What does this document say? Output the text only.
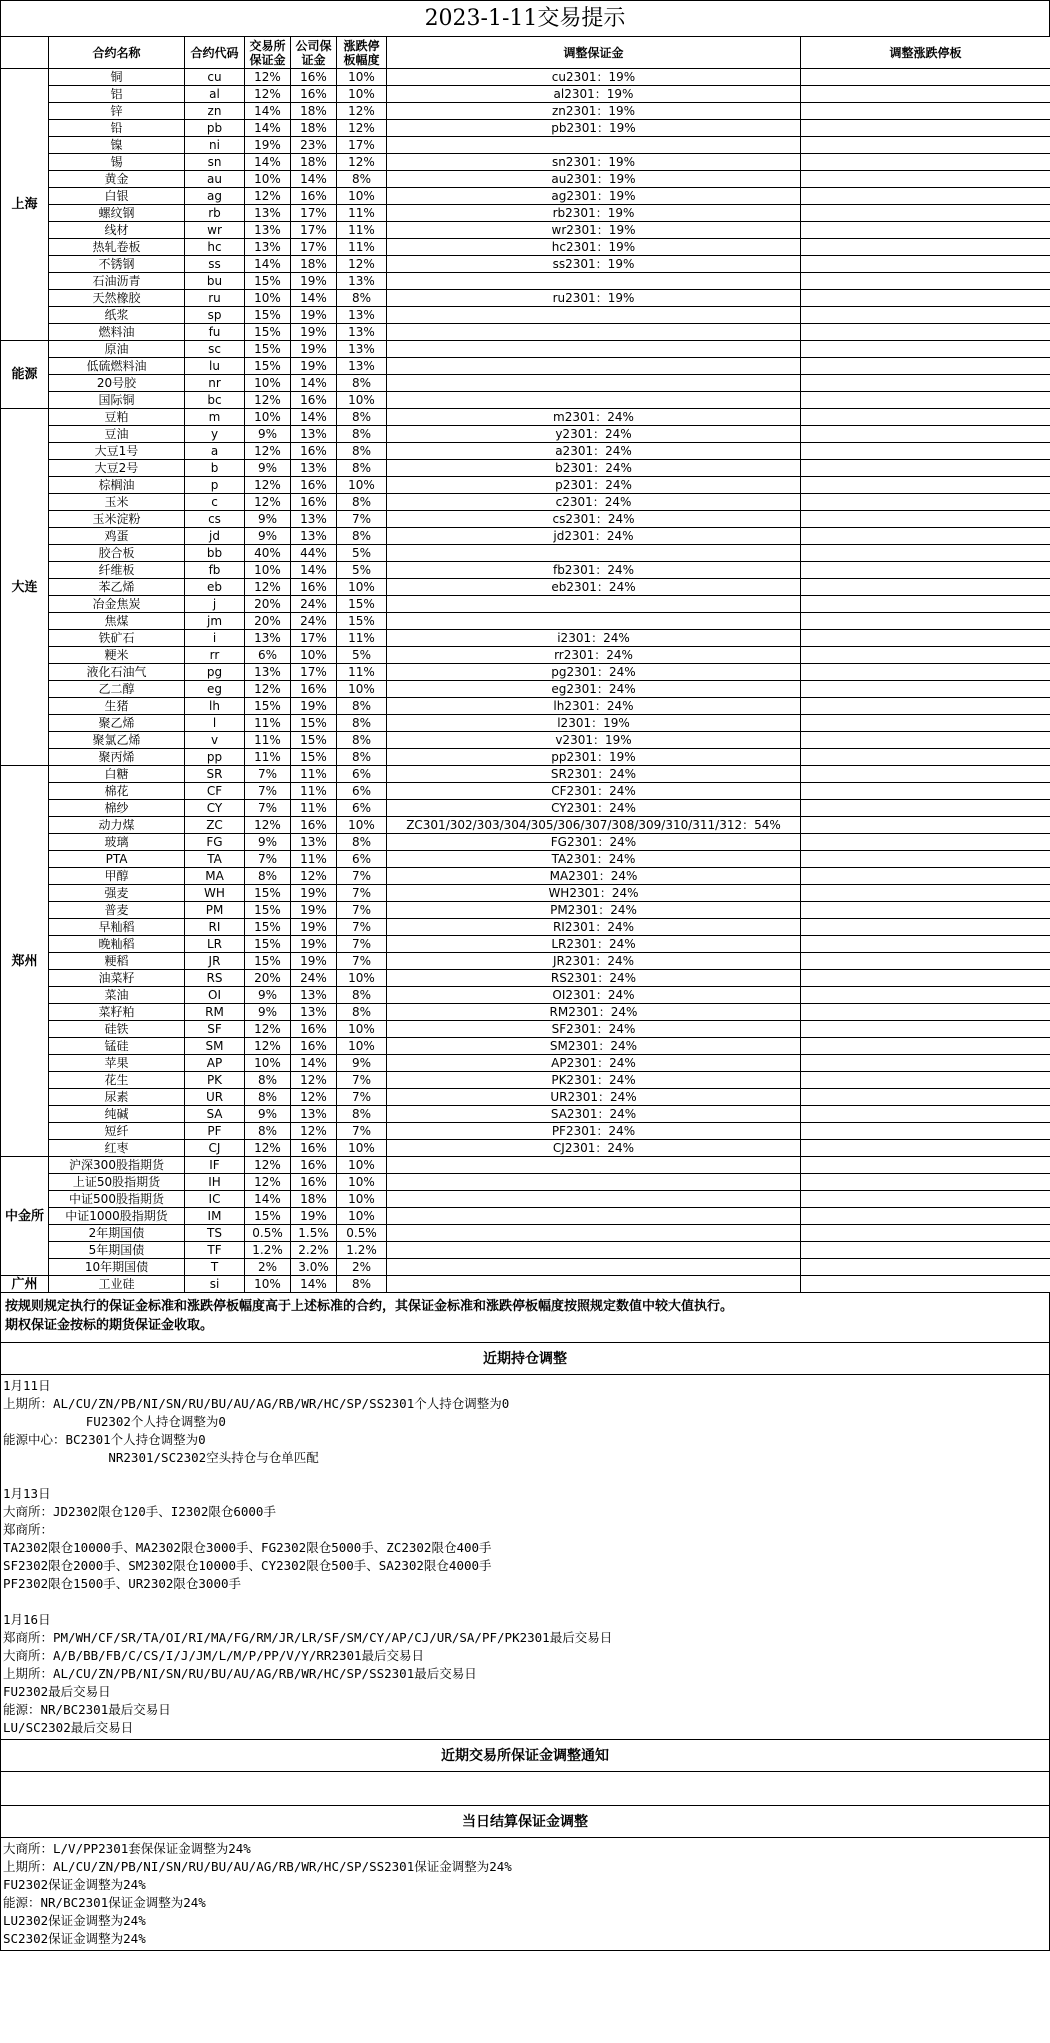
2023-1-11交易提示
	合约名称	合约代码	交易所保证金	公司保证金	涨跌停板幅度	调整保证金	调整涨跌停板
上海	铜	cu	12%	16%	10%	cu2301：19%	
	铝	al	12%	16%	10%	al2301：19%	
	锌	zn	14%	18%	12%	zn2301：19%	
	铅	pb	14%	18%	12%	pb2301：19%	
	镍	ni	19%	23%	17%		
	锡	sn	14%	18%	12%	sn2301：19%	
	黄金	au	10%	14%	8%	au2301：19%	
	白银	ag	12%	16%	10%	ag2301：19%	
	螺纹钢	rb	13%	17%	11%	rb2301：19%	
	线材	wr	13%	17%	11%	wr2301：19%	
	热轧卷板	hc	13%	17%	11%	hc2301：19%	
	不锈钢	ss	14%	18%	12%	ss2301：19%	
	石油沥青	bu	15%	19%	13%		
	天然橡胶	ru	10%	14%	8%	ru2301：19%	
	纸浆	sp	15%	19%	13%		
	燃料油	fu	15%	19%	13%		
能源	原油	sc	15%	19%	13%		
	低硫燃料油	lu	15%	19%	13%		
	20号胶	nr	10%	14%	8%		
	国际铜	bc	12%	16%	10%		
大连	豆粕	m	10%	14%	8%	m2301：24%	
	豆油	y	9%	13%	8%	y2301：24%	
	大豆1号	a	12%	16%	8%	a2301：24%	
	大豆2号	b	9%	13%	8%	b2301：24%	
	棕榈油	p	12%	16%	10%	p2301：24%	
	玉米	c	12%	16%	8%	c2301：24%	
	玉米淀粉	cs	9%	13%	7%	cs2301：24%	
	鸡蛋	jd	9%	13%	8%	jd2301：24%	
	胶合板	bb	40%	44%	5%		
	纤维板	fb	10%	14%	5%	fb2301：24%	
	苯乙烯	eb	12%	16%	10%	eb2301：24%	
	冶金焦炭	j	20%	24%	15%		
	焦煤	jm	20%	24%	15%		
	铁矿石	i	13%	17%	11%	i2301：24%	
	粳米	rr	6%	10%	5%	rr2301：24%	
	液化石油气	pg	13%	17%	11%	pg2301：24%	
	乙二醇	eg	12%	16%	10%	eg2301：24%	
	生猪	lh	15%	19%	8%	lh2301：24%	
	聚乙烯	l	11%	15%	8%	l2301：19%	
	聚氯乙烯	v	11%	15%	8%	v2301：19%	
	聚丙烯	pp	11%	15%	8%	pp2301：19%	
郑州	白糖	SR	7%	11%	6%	SR2301：24%	
	棉花	CF	7%	11%	6%	CF2301：24%	
	棉纱	CY	7%	11%	6%	CY2301：24%	
	动力煤	ZC	12%	16%	10%	ZC301/302/303/304/305/306/307/308/309/310/311/312：54%	
	玻璃	FG	9%	13%	8%	FG2301：24%	
	PTA	TA	7%	11%	6%	TA2301：24%	
	甲醇	MA	8%	12%	7%	MA2301：24%	
	强麦	WH	15%	19%	7%	WH2301：24%	
	普麦	PM	15%	19%	7%	PM2301：24%	
	早籼稻	RI	15%	19%	7%	RI2301：24%	
	晚籼稻	LR	15%	19%	7%	LR2301：24%	
	粳稻	JR	15%	19%	7%	JR2301：24%	
	油菜籽	RS	20%	24%	10%	RS2301：24%	
	菜油	OI	9%	13%	8%	OI2301：24%	
	菜籽粕	RM	9%	13%	8%	RM2301：24%	
	硅铁	SF	12%	16%	10%	SF2301：24%	
	锰硅	SM	12%	16%	10%	SM2301：24%	
	苹果	AP	10%	14%	9%	AP2301：24%	
	花生	PK	8%	12%	7%	PK2301：24%	
	尿素	UR	8%	12%	7%	UR2301：24%	
	纯碱	SA	9%	13%	8%	SA2301：24%	
	短纤	PF	8%	12%	7%	PF2301：24%	
	红枣	CJ	12%	16%	10%	CJ2301：24%	
中金所	沪深300股指期货	IF	12%	16%	10%		
	上证50股指期货	IH	12%	16%	10%		
	中证500股指期货	IC	14%	18%	10%		
	中证1000股指期货	IM	15%	19%	10%		
	2年期国债	TS	0.5%	1.5%	0.5%		
	5年期国债	TF	1.2%	2.2%	1.2%		
	10年期国债	T	2%	3.0%	2%		
广州	工业硅	si	10%	14%	8%		
按规则规定执行的保证金标准和涨跌停板幅度高于上述标准的合约，其保证金标准和涨跌停板幅度按照规定数值中较大值执行。
期权保证金按标的期货保证金收取。
近期持仓调整
1月11日
上期所：AL/CU/ZN/PB/NI/SN/RU/BU/AU/AG/RB/WR/HC/SP/SS2301个人持仓调整为0
FU2302个人持仓调整为0
能源中心：BC2301个人持仓调整为0
NR2301/SC2302空头持仓与仓单匹配

1月13日
大商所：JD2302限仓120手、I2302限仓6000手
郑商所：
TA2302限仓10000手、MA2302限仓3000手、FG2302限仓5000手、ZC2302限仓400手
SF2302限仓2000手、SM2302限仓10000手、CY2302限仓500手、SA2302限仓4000手
PF2302限仓1500手、UR2302限仓3000手

1月16日
郑商所：PM/WH/CF/SR/TA/OI/RI/MA/FG/RM/JR/LR/SF/SM/CY/AP/CJ/UR/SA/PF/PK2301最后交易日
大商所：A/B/BB/FB/C/CS/I/J/JM/L/M/P/PP/V/Y/RR2301最后交易日
上期所：AL/CU/ZN/PB/NI/SN/RU/BU/AU/AG/RB/WR/HC/SP/SS2301最后交易日
FU2302最后交易日
能源：NR/BC2301最后交易日
LU/SC2302最后交易日
近期交易所保证金调整通知
当日结算保证金调整
大商所：L/V/PP2301套保保证金调整为24%
上期所：AL/CU/ZN/PB/NI/SN/RU/BU/AU/AG/RB/WR/HC/SP/SS2301保证金调整为24%
FU2302保证金调整为24%
能源：NR/BC2301保证金调整为24%
LU2302保证金调整为24%
SC2302保证金调整为24%
